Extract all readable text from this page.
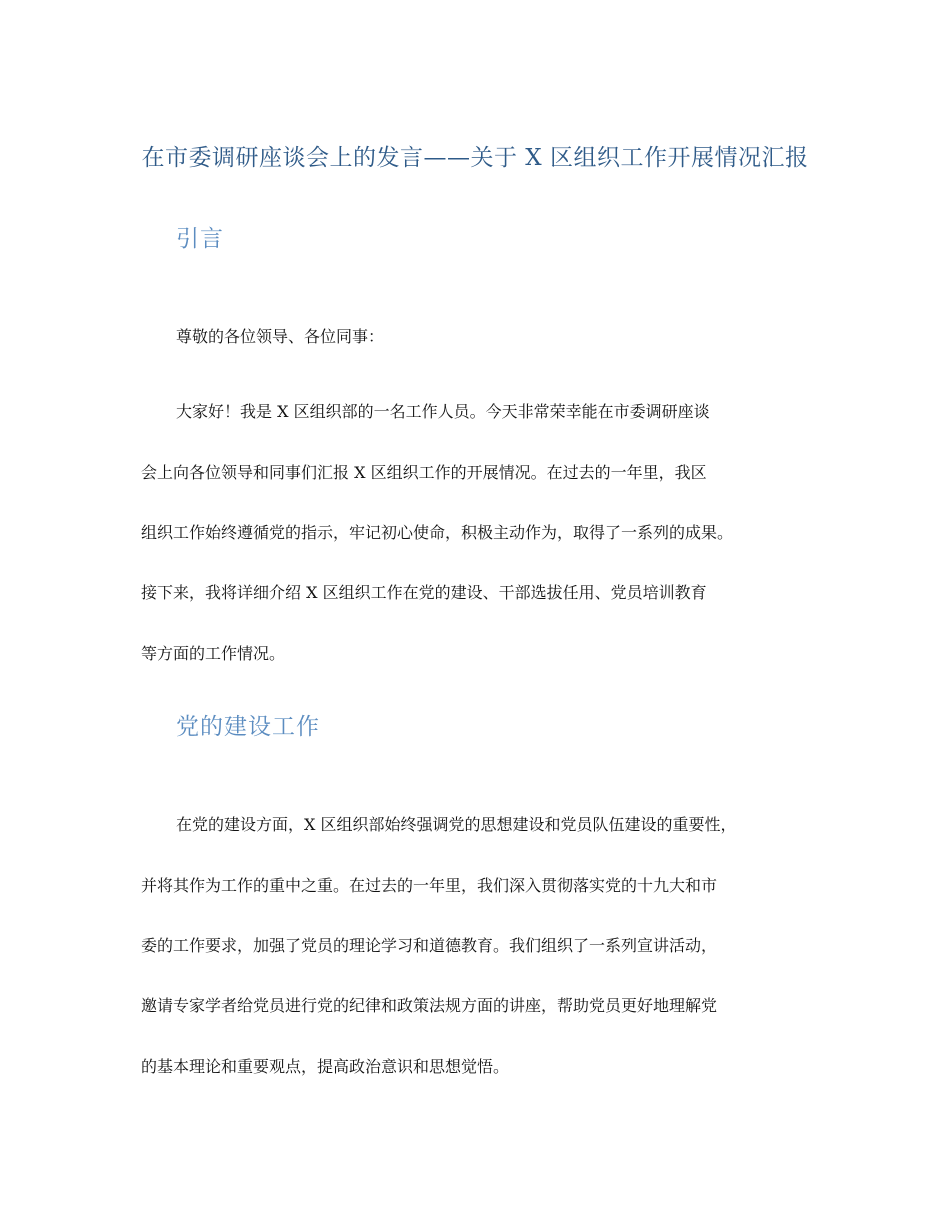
在市委调研座谈会上的发言——关于 X 区组织工作开展情况汇报
引言
尊敬的各位领导、各位同事：
大家好！我是 X 区组织部的一名工作人员。今天非常荣幸能在市委调研座谈
会上向各位领导和同事们汇报 X 区组织工作的开展情况。在过去的一年里，我区
组织工作始终遵循党的指示，牢记初心使命，积极主动作为，取得了一系列的成果。
接下来，我将详细介绍 X 区组织工作在党的建设、干部选拔任用、党员培训教育
等方面的工作情况。
党的建设工作
在党的建设方面，X 区组织部始终强调党的思想建设和党员队伍建设的重要性，
并将其作为工作的重中之重。在过去的一年里，我们深入贯彻落实党的十九大和市
委的工作要求，加强了党员的理论学习和道德教育。我们组织了一系列宣讲活动，
邀请专家学者给党员进行党的纪律和政策法规方面的讲座，帮助党员更好地理解党
的基本理论和重要观点，提高政治意识和思想觉悟。
